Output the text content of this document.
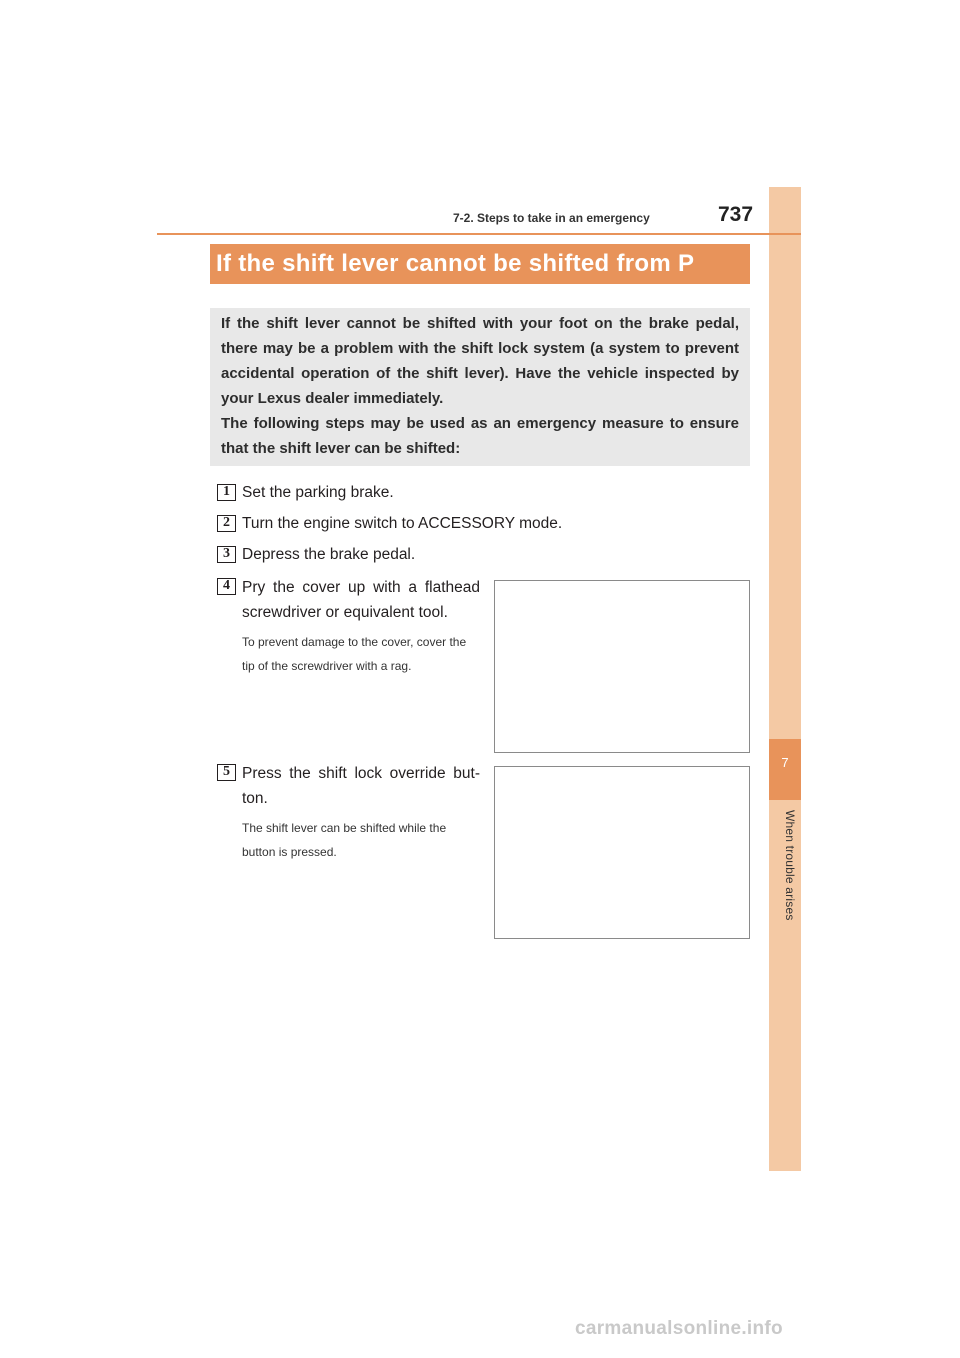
7
When trouble arises
7-2. Steps to take in an emergency	737
If the shift lever cannot be shifted from P

If the shift lever cannot be shifted with your foot on the brake pedal, there may be a problem with the shift lock system (a system to prevent accidental operation of the shift lever). Have the vehicle inspected by your Lexus dealer immediately.

The following steps may be used as an emergency measure to ensure that the shift lever can be shifted:

1 Set the parking brake.
2 Turn the engine switch to ACCESSORY mode.
3 Depress the brake pedal.
4 Pry the cover up with a flathead screwdriver or equivalent tool.
To prevent damage to the cover, cover the tip of the screwdriver with a rag.
5 Press the shift lock override but-ton.
The shift lever can be shifted while the button is pressed.
carmanualsonline.info
